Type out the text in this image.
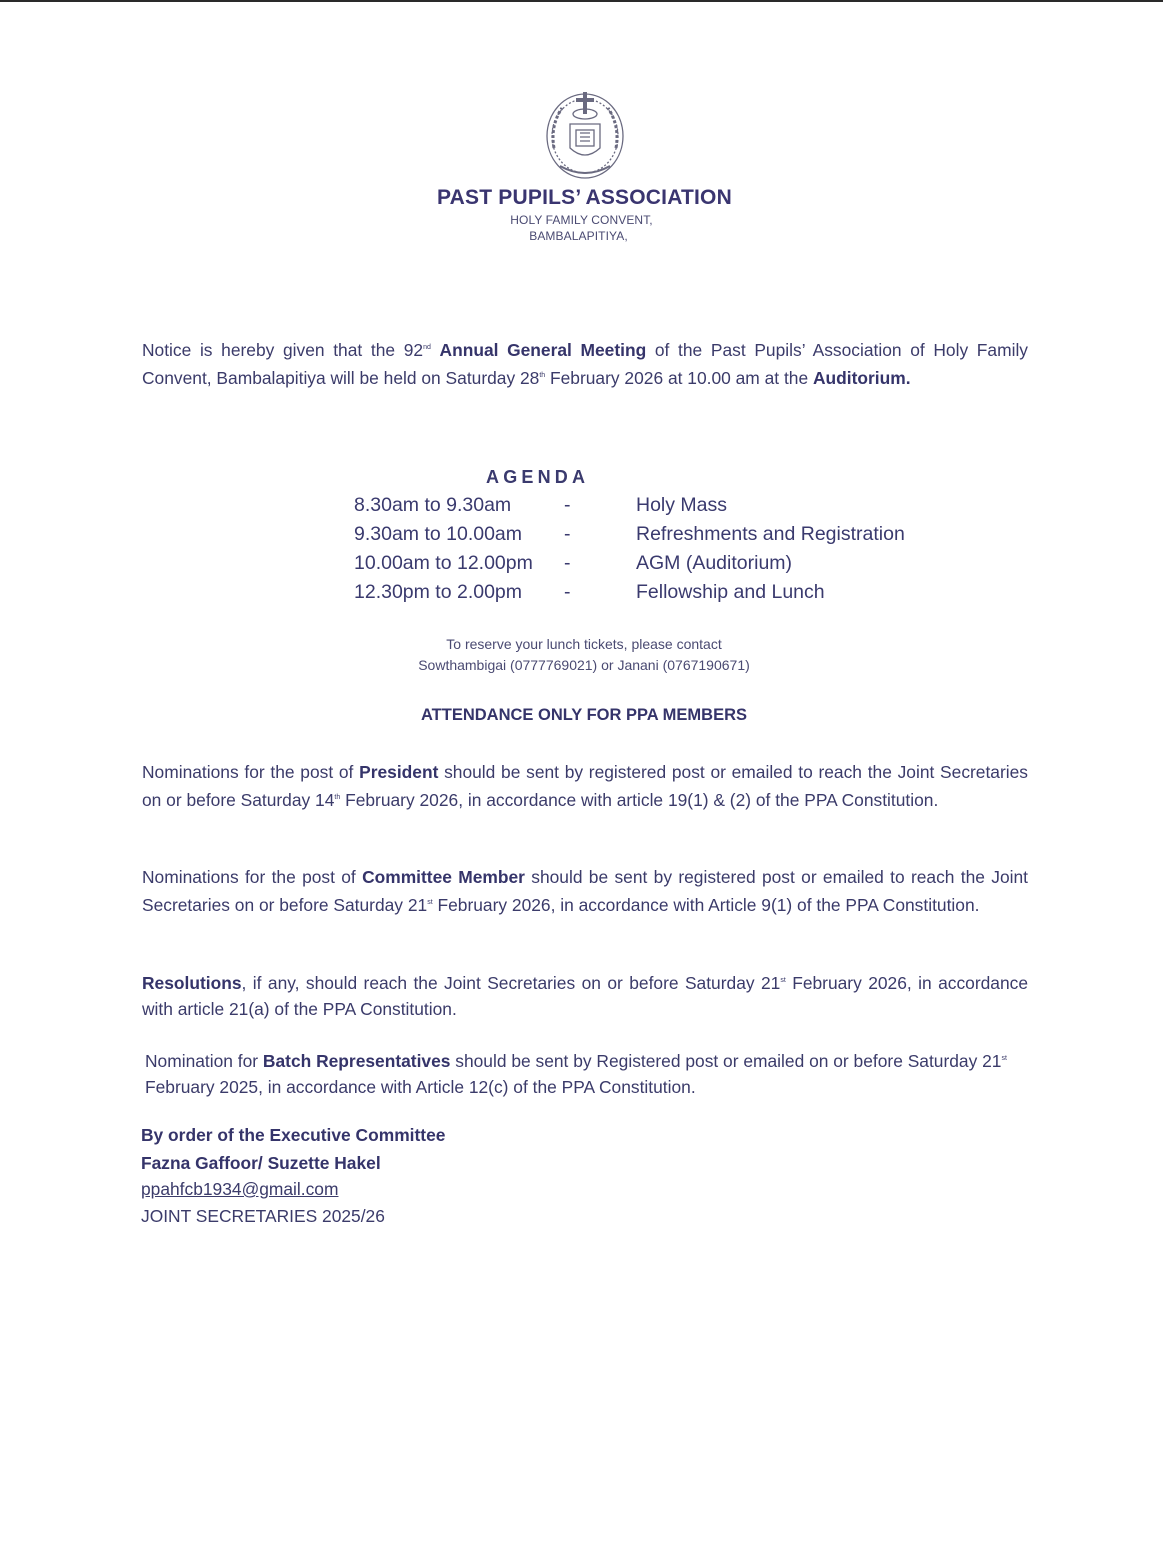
PAST PUPILS’ ASSOCIATION
HOLY FAMILY CONVENT,
BAMBALAPITIYA,
Notice is hereby given that the 92nd Annual General Meeting of the Past Pupils’ Association of Holy Family Convent, Bambalapitiya will be held on Saturday 28th February 2026 at 10.00 am at the Auditorium.
AGENDA
8.30am to 9.30am	-	Holy Mass
9.30am to 10.00am -	Refreshments and Registration
10.00am to 12.00pm -	AGM (Auditorium)
12.30pm to 2.00pm -	Fellowship and Lunch
To reserve your lunch tickets, please contact
Sowthambigai (0777769021) or Janani (0767190671)
ATTENDANCE ONLY FOR PPA MEMBERS
Nominations for the post of President should be sent by registered post or emailed to reach the Joint Secretaries on or before Saturday 14th February 2026, in accordance with article 19(1) & (2) of the PPA Constitution.
Nominations for the post of Committee Member should be sent by registered post or emailed to reach the Joint Secretaries on or before Saturday 21st February 2026, in accordance with Article 9(1) of the PPA Constitution.
Resolutions, if any, should reach the Joint Secretaries on or before Saturday 21st February 2026, in accordance with article 21(a) of the PPA Constitution.
Nomination for Batch Representatives should be sent by Registered post or emailed on or before Saturday 21st February 2025, in accordance with Article 12(c) of the PPA Constitution.
By order of the Executive Committee
Fazna Gaffoor/ Suzette Hakel
ppahfcb1934@gmail.com
JOINT SECRETARIES 2025/26
